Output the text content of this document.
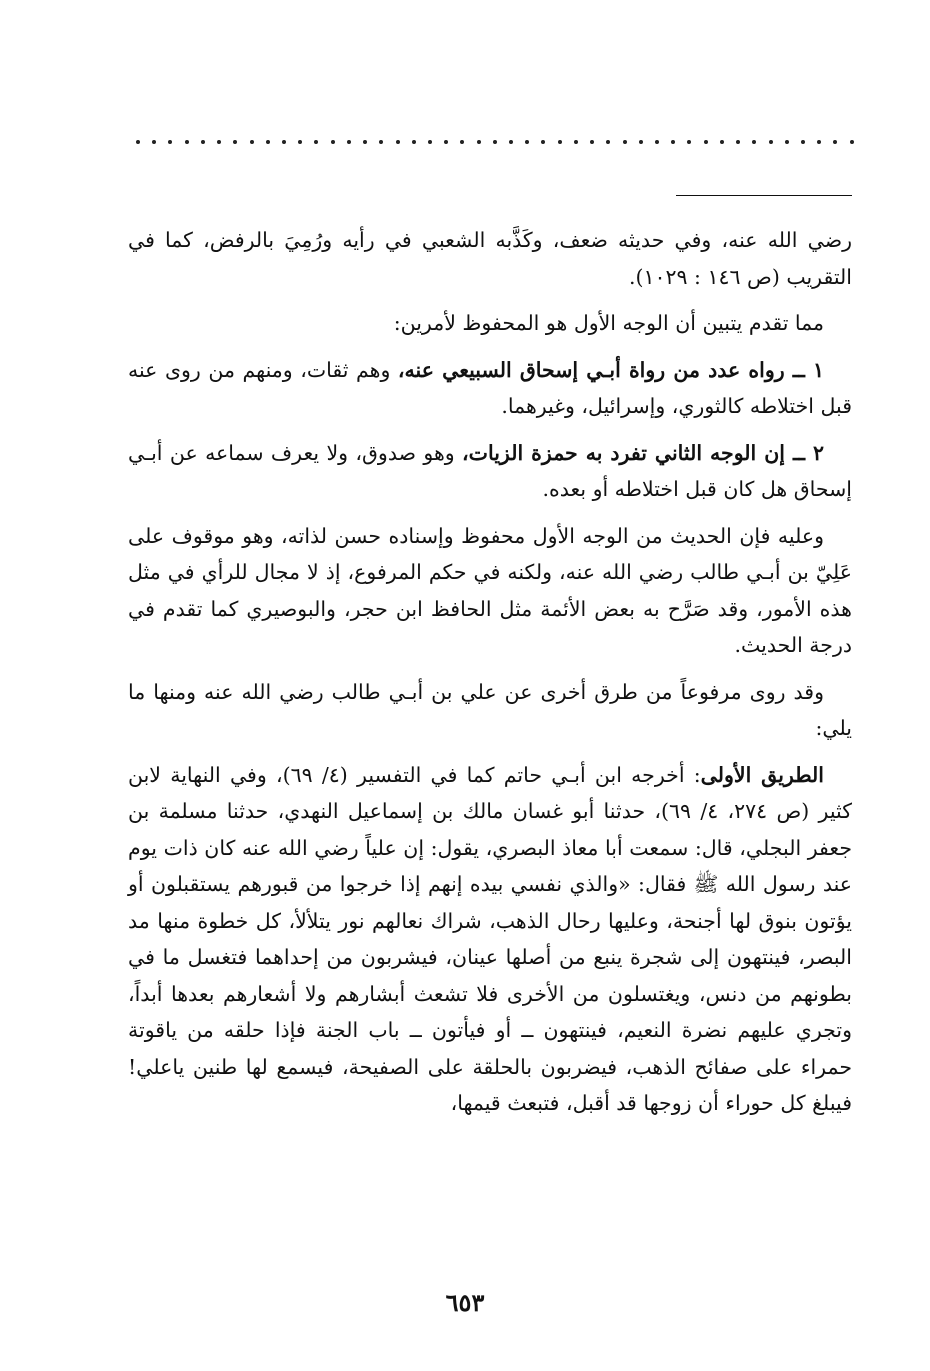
رضي الله عنه، وفي حديثه ضعف، وكَذَّبه الشعبي في رأيه ورُمِيَ بالرفض، كما في التقريب (ص ١٤٦ : ١٠٢٩).

مما تقدم يتبين أن الوجه الأول هو المحفوظ لأمرين:

١ ــ رواه عدد من رواة أبـي إسحاق السبيعي عنه، وهم ثقات، ومنهم من روى عنه قبل اختلاطه كالثوري، وإسرائيل، وغيرهما.

٢ ــ إن الوجه الثاني تفرد به حمزة الزيات، وهو صدوق، ولا يعرف سماعه عن أبـي إسحاق هل كان قبل اختلاطه أو بعده.

وعليه فإن الحديث من الوجه الأول محفوظ وإسناده حسن لذاته، وهو موقوف على عَلِيّ بن أبـي طالب رضي الله عنه، ولكنه في حكم المرفوع، إذ لا مجال للرأي في مثل هذه الأمور، وقد صَرَّح به بعض الأئمة مثل الحافظ ابن حجر، والبوصيري كما تقدم في درجة الحديث.

وقد روى مرفوعاً من طرق أخرى عن علي بن أبـي طالب رضي الله عنه ومنها ما يلي:

الطريق الأولى: أخرجه ابن أبـي حاتم كما في التفسير (٤/ ٦٩)، وفي النهاية لابن كثير (ص ٢٧٤، ٤/ ٦٩)، حدثنا أبو غسان مالك بن إسماعيل النهدي، حدثنا مسلمة بن جعفر البجلي، قال: سمعت أبا معاذ البصري، يقول: إن علياً رضي الله عنه كان ذات يوم عند رسول الله ﷺ فقال: «والذي نفسي بيده إنهم إذا خرجوا من قبورهم يستقبلون أو يؤتون بنوق لها أجنحة، وعليها رحال الذهب، شراك نعالهم نور يتلألأ، كل خطوة منها مد البصر، فينتهون إلى شجرة ينبع من أصلها عينان، فيشربون من إحداهما فتغسل ما في بطونهم من دنس، ويغتسلون من الأخرى فلا تشعث أبشارهم ولا أشعارهم بعدها أبداً، وتجري عليهم نضرة النعيم، فينتهون ــ أو فيأتون ــ باب الجنة فإذا حلقه من ياقوتة حمراء على صفائح الذهب، فيضربون بالحلقة على الصفيحة، فيسمع لها طنين ياعلي! فيبلغ كل حوراء أن زوجها قد أقبل، فتبعث قيمها،

٦٥٣
